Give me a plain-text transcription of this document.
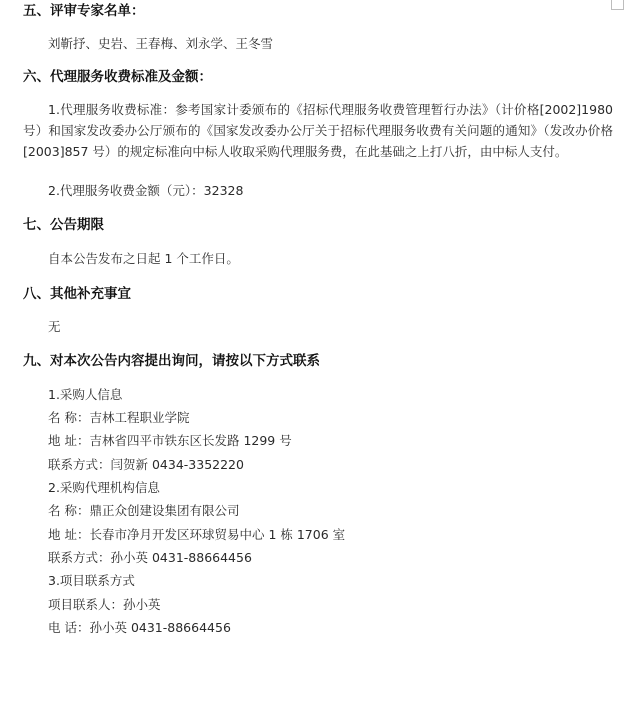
五、评审专家名单：
刘靳抒、史岩、王春梅、刘永学、王冬雪
六、代理服务收费标准及金额：
1.代理服务收费标准：参考国家计委颁布的《招标代理服务收费管理暂行办法》（计价格[2002]1980 号）和国家发改委办公厅颁布的《国家发改委办公厅关于招标代理服务收费有关问题的通知》（发改办价格[2003]857 号）的规定标准向中标人收取采购代理服务费，在此基础之上打八折，由中标人支付。
2.代理服务收费金额（元）：32328
七、公告期限
自本公告发布之日起 1 个工作日。
八、其他补充事宜
无
九、对本次公告内容提出询问，请按以下方式联系
1.采购人信息
名 称：吉林工程职业学院
地 址：吉林省四平市铁东区长发路 1299 号
联系方式：闫贺新 0434-3352220
2.采购代理机构信息
名 称：鼎正众创建设集团有限公司
地 址：长春市净月开发区环球贸易中心 1 栋 1706 室
联系方式：孙小英 0431-88664456
3.项目联系方式
项目联系人：孙小英
电 话：孙小英 0431-88664456
